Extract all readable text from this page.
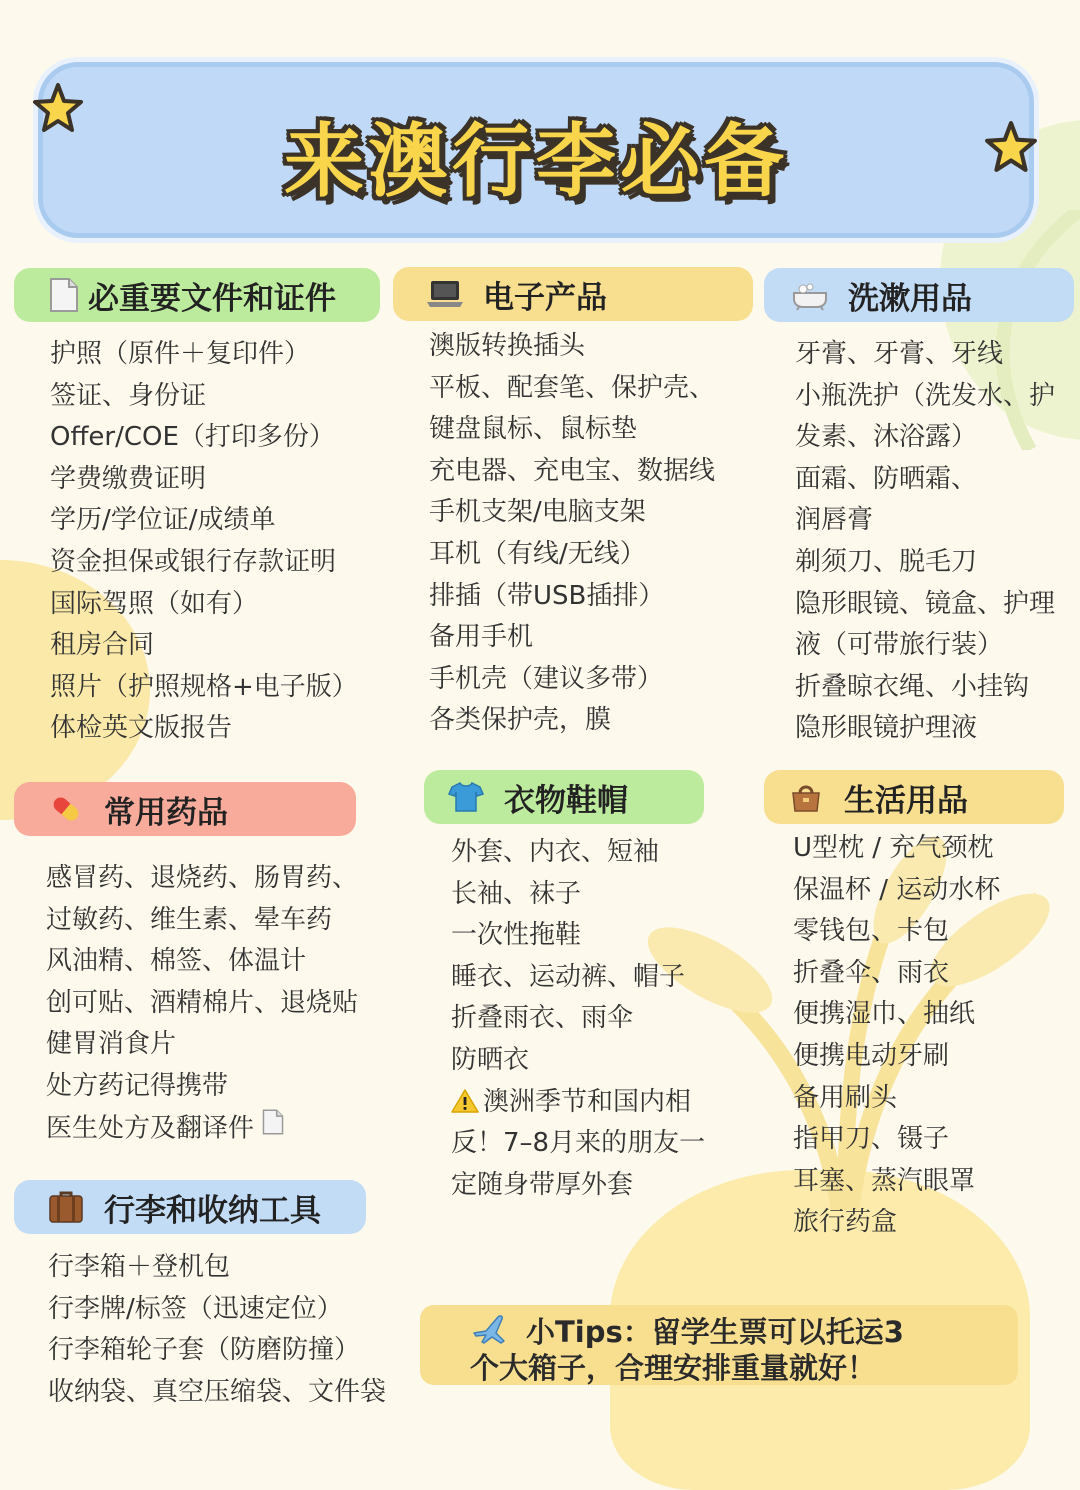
来澳行李必备
必重要文件和证件
护照（原件＋复印件）
签证、身份证
Offer/COE（打印多份）
学费缴费证明
学历/学位证/成绩单
资金担保或银行存款证明
国际驾照（如有）
租房合同
照片（护照规格+电子版）
体检英文版报告
电子产品
澳版转换插头
平板、配套笔、保护壳、
键盘鼠标、鼠标垫
充电器、充电宝、数据线
手机支架/电脑支架
耳机（有线/无线）
排插（带USB插排）
备用手机
手机壳（建议多带）
各类保护壳，膜
洗漱用品
牙膏、牙膏、牙线
小瓶洗护（洗发水、护
发素、沐浴露）
面霜、防晒霜、
润唇膏
剃须刀、脱毛刀
隐形眼镜、镜盒、护理
液（可带旅行装）
折叠晾衣绳、小挂钩
隐形眼镜护理液
常用药品
感冒药、退烧药、肠胃药、
过敏药、维生素、晕车药
风油精、棉签、体温计
创可贴、酒精棉片、退烧贴
健胃消食片
处方药记得携带
医生处方及翻译件
衣物鞋帽
外套、内衣、短袖
长袖、袜子
一次性拖鞋
睡衣、运动裤、帽子
折叠雨衣、雨伞
防晒衣
澳洲季节和国内相
反！7–8月来的朋友一
定随身带厚外套
生活用品
U型枕 / 充气颈枕
保温杯 / 运动水杯
零钱包、卡包
折叠伞、雨衣
便携湿巾、抽纸
便携电动牙刷
备用刷头
指甲刀、镊子
耳塞、蒸汽眼罩
旅行药盒
行李和收纳工具
行李箱＋登机包
行李牌/标签（迅速定位）
行李箱轮子套（防磨防撞）
收纳袋、真空压缩袋、文件袋
小Tips：留学生票可以托运3
个大箱子，合理安排重量就好！
